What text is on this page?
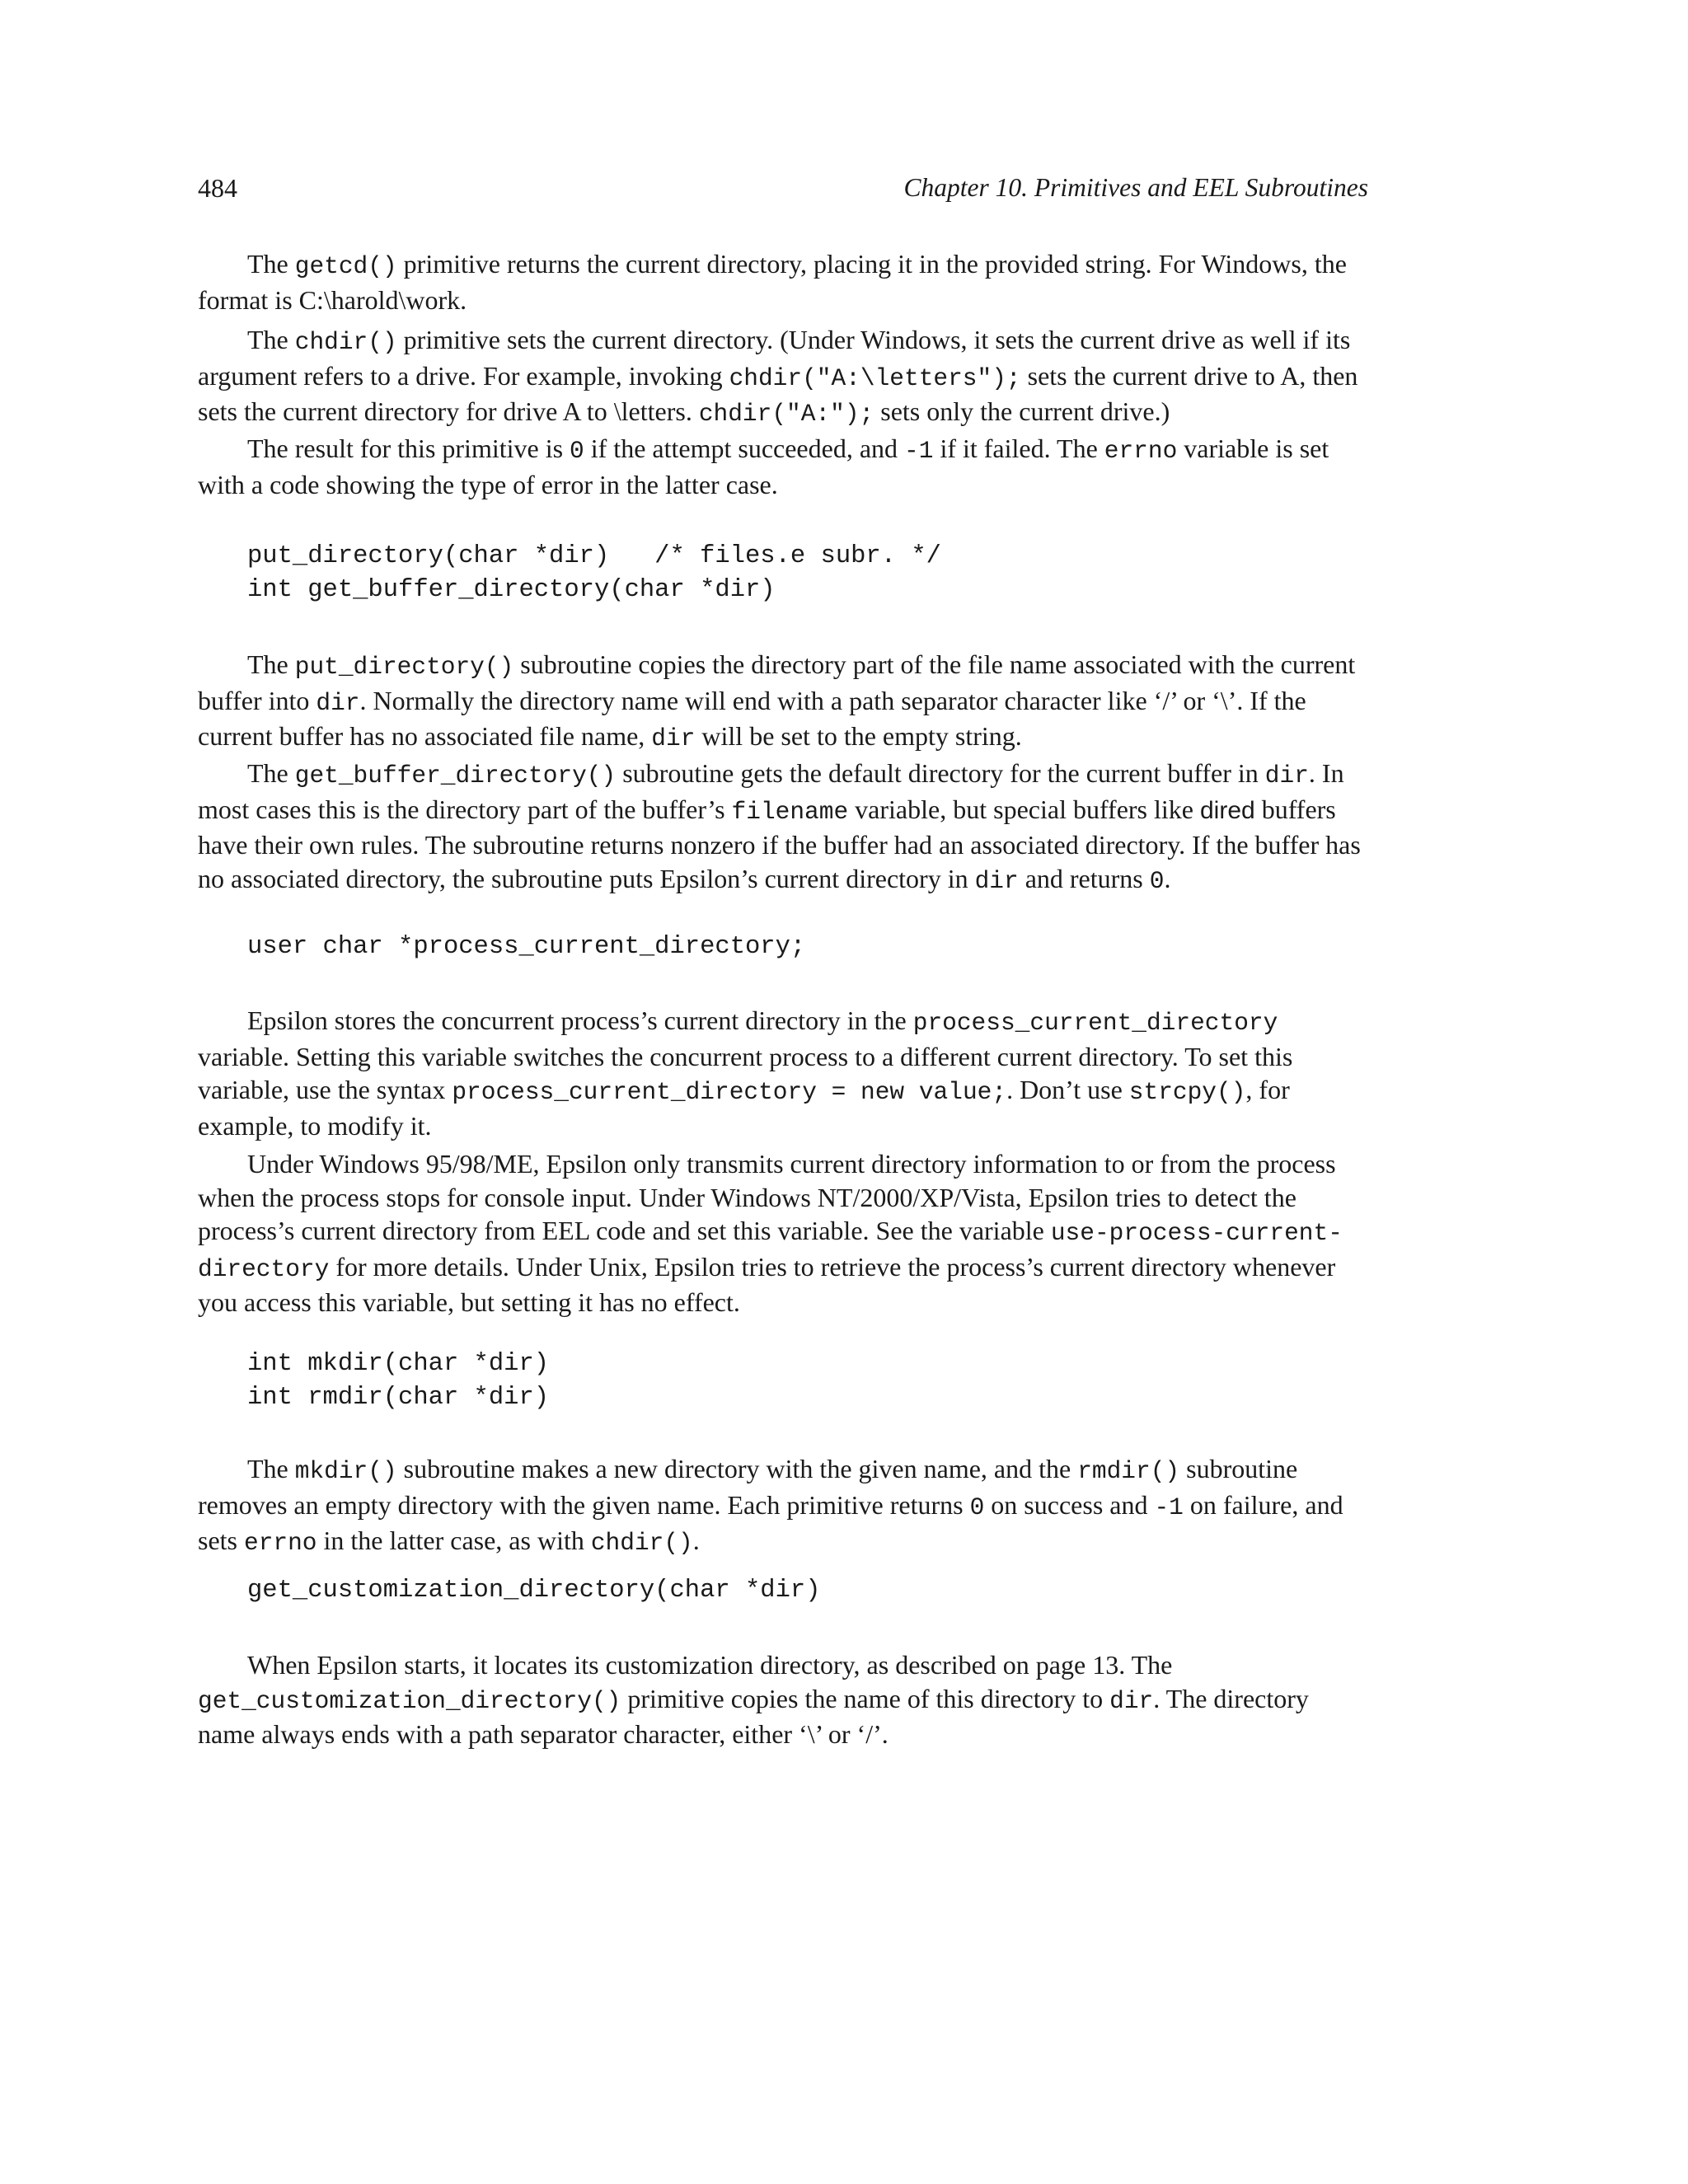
484	Chapter 10. Primitives and EEL Subroutines

The getcd() primitive returns the current directory, placing it in the provided string. For Windows, the format is C:\harold\work.

The chdir() primitive sets the current directory. (Under Windows, it sets the current drive as well if its argument refers to a drive. For example, invoking chdir("A:\letters"); sets the current drive to A, then sets the current directory for drive A to \letters. chdir("A:"); sets only the current drive.)

The result for this primitive is 0 if the attempt succeeded, and -1 if it failed. The errno variable is set with a code showing the type of error in the latter case.

put_directory(char *dir)   /* files.e subr. */
int get_buffer_directory(char *dir)

The put_directory() subroutine copies the directory part of the file name associated with the current buffer into dir. Normally the directory name will end with a path separator character like ‘/’ or ‘\’. If the current buffer has no associated file name, dir will be set to the empty string.

The get_buffer_directory() subroutine gets the default directory for the current buffer in dir. In most cases this is the directory part of the buffer’s filename variable, but special buffers like dired buffers have their own rules. The subroutine returns nonzero if the buffer had an associated directory. If the buffer has no associated directory, the subroutine puts Epsilon’s current directory in dir and returns 0.

user char *process_current_directory;

Epsilon stores the concurrent process’s current directory in the process_current_directory variable. Setting this variable switches the concurrent process to a different current directory. To set this variable, use the syntax process_current_directory = new value;. Don’t use strcpy(), for example, to modify it.

Under Windows 95/98/ME, Epsilon only transmits current directory information to or from the process when the process stops for console input. Under Windows NT/2000/XP/Vista, Epsilon tries to detect the process’s current directory from EEL code and set this variable. See the variable use-process-current-directory for more details. Under Unix, Epsilon tries to retrieve the process’s current directory whenever you access this variable, but setting it has no effect.

int mkdir(char *dir)
int rmdir(char *dir)

The mkdir() subroutine makes a new directory with the given name, and the rmdir() subroutine removes an empty directory with the given name. Each primitive returns 0 on success and -1 on failure, and sets errno in the latter case, as with chdir().

get_customization_directory(char *dir)

When Epsilon starts, it locates its customization directory, as described on page 13. The get_customization_directory() primitive copies the name of this directory to dir. The directory name always ends with a path separator character, either ‘\’ or ‘/’.
